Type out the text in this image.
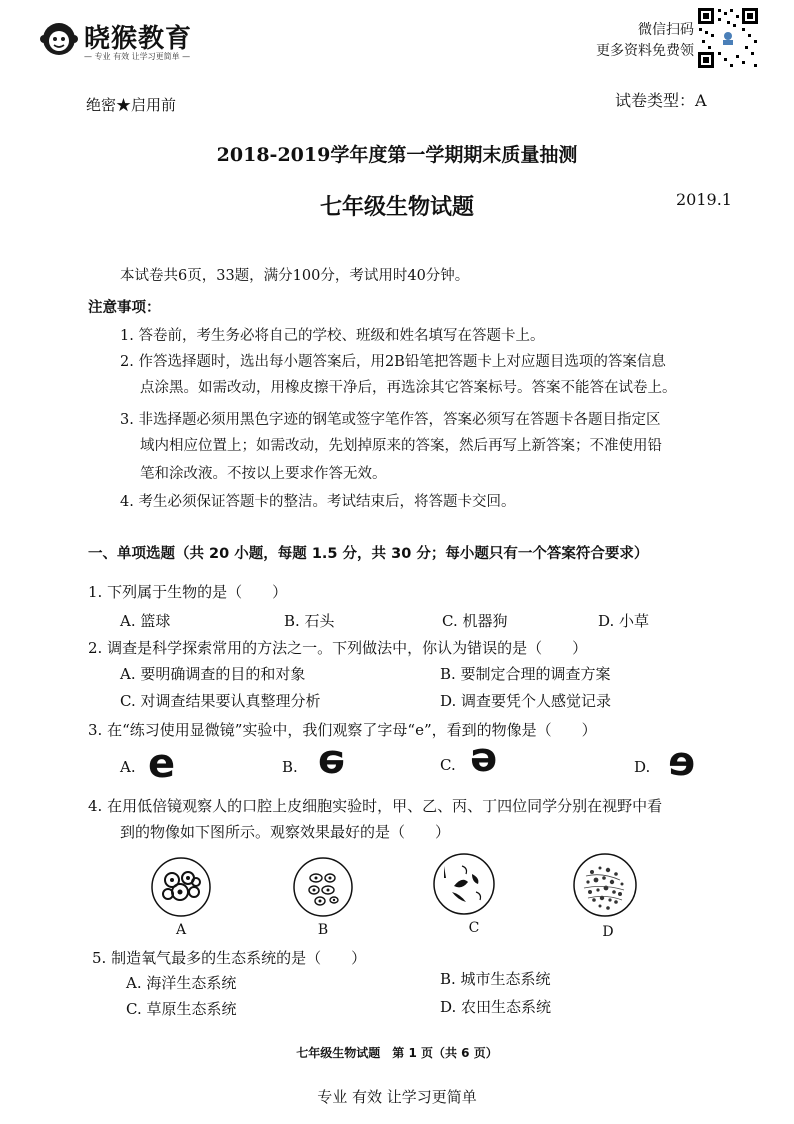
晓猴教育
— 专业 有效 让学习更简单 —
微信扫码
更多资料免费领
绝密★启用前	试卷类型：A
2018-2019学年度第一学期期末质量抽测
七年级生物试题	2019.1
本试卷共6页，33题，满分100分，考试用时40分钟。
注意事项：
1. 答卷前，考生务必将自己的学校、班级和姓名填写在答题卡上。
2. 作答选择题时，选出每小题答案后，用2B铅笔把答题卡上对应题目选项的答案信息
点涂黑。如需改动，用橡皮擦干净后，再选涂其它答案标号。答案不能答在试卷上。
3. 非选择题必须用黑色字迹的钢笔或签字笔作答，答案必须写在答题卡各题目指定区
域内相应位置上；如需改动，先划掉原来的答案，然后再写上新答案；不准使用铅
笔和涂改液。不按以上要求作答无效。
4. 考生必须保证答题卡的整洁。考试结束后，将答题卡交回。
一、单项选题（共 20 小题，每题 1.5 分，共 30 分；每小题只有一个答案符合要求）
1. 下列属于生物的是（　　）
A. 篮球	B. 石头	C. 机器狗	D. 小草
2. 调查是科学探索常用的方法之一。下列做法中，你认为错误的是（　　）
A. 要明确调查的目的和对象	B. 要制定合理的调查方案
C. 对调查结果要认真整理分析	D. 调查要凭个人感觉记录
3. 在“练习使用显微镜”实验中，我们观察了字母“e”，看到的物像是（　　）
A. e	B. e	C. e	D. e
4. 在用低倍镜观察人的口腔上皮细胞实验时，甲、乙、丙、丁四位同学分别在视野中看
到的物像如下图所示。观察效果最好的是（　　）
A	B	C	D
5. 制造氧气最多的生态系统的是（　　）
A. 海洋生态系统	B. 城市生态系统
C. 草原生态系统	D. 农田生态系统
七年级生物试题　第 1 页（共 6 页）
专业 有效 让学习更简单
